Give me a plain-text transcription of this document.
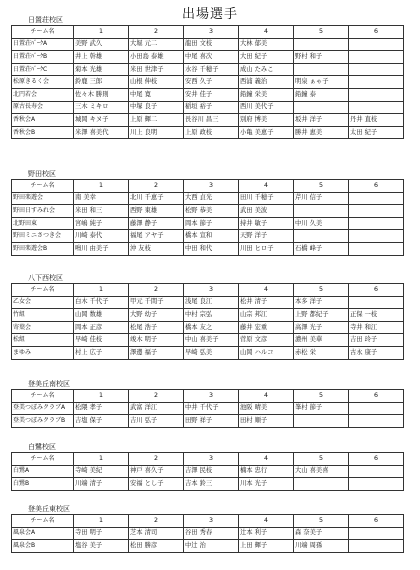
出場選手
日置荘校区
チーム名	1	2	3	4	5	6
日置荘ﾊﾞｰｸA	美野 武久	大堀 元二	龍田 文枝	大林 郁美		
日置荘ﾊﾞｰｸB	井上 幹雄	小田島 泰雄	中尾 喜次	大田 紀子	野村 和子	
日置荘ﾊﾞｰｸC	菊本 光雄	米田 世津子	水谷 千穂子	成山 たみこ		
松原きるく会	鈴鹿 三郎	山根 伸枝	安西 久子	西浦 義治	明泉 ぁゃ子	
北円若会	佐々木 勝則	中尾 寛	安井 佳子	鉛鐘 栄美	鉛鐘 泰	
原古長寿会	三木 ミキロ	中塚 良子	稲垣 裕子	西川 美代子		
香秋会A	城岡 キヌ子	上原 輝二	長谷川 昌三	別府 博美	坂井 洋子	丹井 直枝
香秋会B	米澤 喜美代	川上 良明	上原 政枝	小亀 美恵子	勝井 恵美	太田 紀子
野田校区
チーム名	1	2	3	4	5	6
野田楽遊会	南 美幸	北川 千恵子	大西 貞光	田川 千穂子	芹川 信子	
野田日すみれ会	米田 和三	西野 東雄	松野 恭美	武田 美波		
北野田東	宮嶋 純子	藤澤 静子	岡本 節子	持井 敏子	中川 久美	
野田ミニさつき会	川崎 泰代	福尾 アヤ子	橋本 宣和	天野 洋子		
野田楽遊会B	鳴川 由美子	沖 友枝	中田 和代	川田 ヒロ子	石橋 峰子	
八下西校区
チーム名	1	2	3	4	5	6
乙女会	白木 千代子	甲元 千間子	浅尾 良江	松井 清子	本多 洋子	
竹組	山岡 数雄	大野 幼子	中村 宗弘	山宗 邦江	上野 都紀子	正保 一枝
寄葉会	岡本 正彦	松尾 浩子	橋本 友之	藤井 宏重	高澤 光子	寺井 和江
松組	早崎 佳枝	竣木 明子	中山 喜美子	菅原 文彦	濃州 美華	吉田 玲子
まゆみ	村上 広子	澤邊 福子	早崎 弘美	山岡 ハルコ	赤松 栄	古永 康子
登美丘南校区
チーム名	1	2	3	4	5	6
登美つぼみクラブA	松隈 孝子	武富 洋江	中井 千代子	池阪 晴美	峯村 節子	
登美つぼみクラブB	吉塩 保子	吉川 弘子	田野 祥子	田村 順子		
白鷺校区
チーム名	1	2	3	4	5	6
白鷺A	寺崎 美紀	神戸 喜久子	吉澤 民枝	楠本 忠行	大山 喜美喜	
白鷺B	川端 清子	安福 とし子	吉本 鈴三	川本 光子		
登美丘東校区
チーム名	1	2	3	4	5	6
風泉会A	寺田 明子	芝本 清司	谷田 秀春	辻本 利子	森 奈美子	
風泉会B	塩谷 美子	松田 勝彦	中辻 治	上田 輝子	川端 周孫	
